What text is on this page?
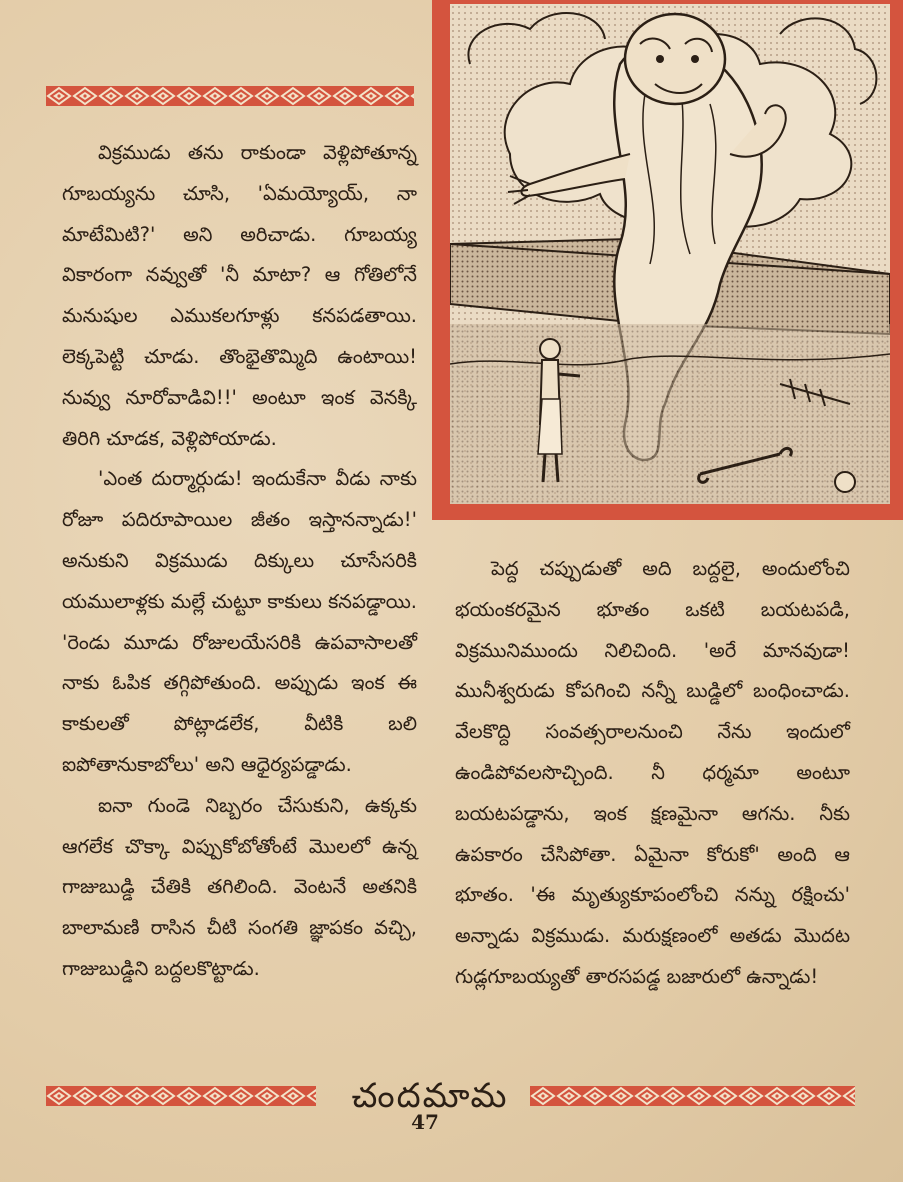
విక్రముడు తను రాకుండా వెళ్లిపోతూన్న గూబయ్యను చూసి, 'ఏమయ్యోయ్, నా మాటేమిటి?' అని అరిచాడు. గూబయ్య వికారంగా నవ్వుతో 'నీ మాటా? ఆ గోతిలోనే మనుషుల ఎముకలగూళ్లు కనపడతాయి. లెక్కపెట్టి చూడు. తొంభైతొమ్మిది ఉంటాయి! నువ్వు నూరోవాడివి!!' అంటూ ఇంక వెనక్కి తిరిగి చూడక, వెళ్లిపోయాడు.

'ఎంత దుర్మార్గుడు! ఇందుకేనా వీడు నాకు రోజూ పదిరూపాయిల జీతం ఇస్తానన్నాడు!' అనుకుని విక్రముడు దిక్కులు చూసేసరికి యములాళ్లకు మల్లే చుట్టూ కాకులు కనపడ్డాయి. 'రెండు మూడు రోజులయేసరికి ఉపవాసాలతో నాకు ఓపిక తగ్గిపోతుంది. అప్పుడు ఇంక ఈ కాకులతో పోట్లాడలేక, వీటికి బలి ఐపోతానుకాబోలు' అని ఆధైర్యపడ్డాడు.

ఐనా గుండె నిబ్బరం చేసుకుని, ఉక్కకు ఆగలేక చొక్కా విప్పుకోబోతోంటే మొలలో ఉన్న గాజుబుడ్డి చేతికి తగిలింది. వెంటనే అతనికి బాలామణి రాసిన చీటి సంగతి జ్ఞాపకం వచ్చి, గాజుబుడ్డిని బద్దలకొట్టాడు.

పెద్ద చప్పుడుతో అది బద్దలై, అందులోంచి భయంకరమైన భూతం ఒకటి బయటపడి, విక్రమునిముందు నిలిచింది. 'అరే మానవుడా! మునీశ్వరుడు కోపగించి నన్నీ బుడ్డిలో బంధించాడు. వేలకొద్ది సంవత్సరాలనుంచి నేను ఇందులో ఉండిపోవలసొచ్చింది. నీ ధర్మమా అంటూ బయటపడ్డాను, ఇంక క్షణమైనా ఆగను. నీకు ఉపకారం చేసిపోతా. ఏమైనా కోరుకో' అంది ఆ భూతం. 'ఈ మృత్యుకూపంలోంచి నన్ను రక్షించు' అన్నాడు విక్రముడు. మరుక్షణంలో అతడు మొదట గుడ్లగూబయ్యతో తారసపడ్డ బజారులో ఉన్నాడు!

చందమామ
47
